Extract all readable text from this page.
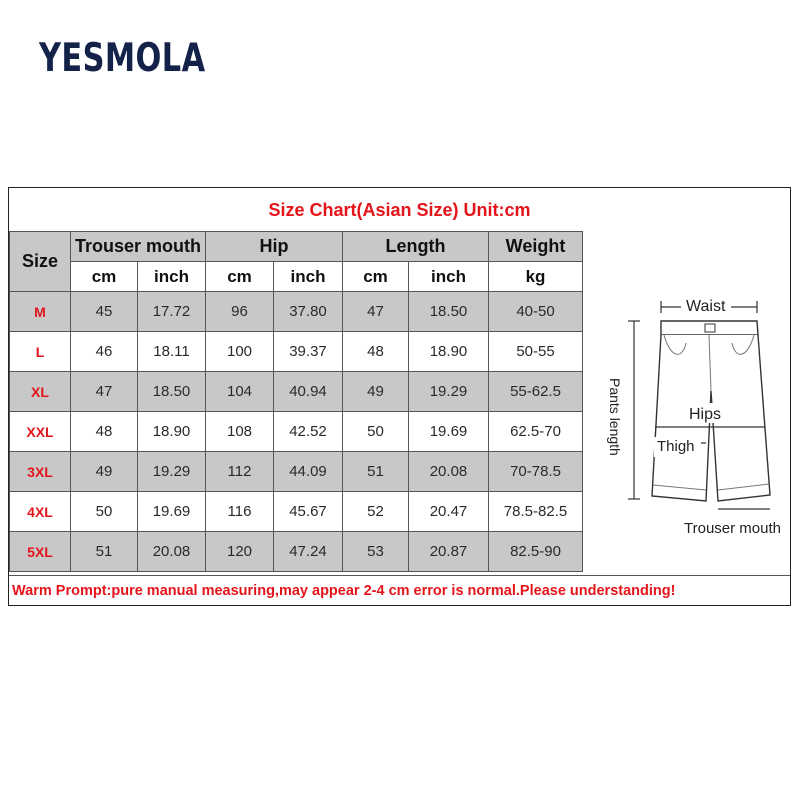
YESMOLA
Size Chart(Asian Size) Unit:cm
Size	Trouser mouth		Hip		Length		Weight
	cm	inch	cm	inch	cm	inch	kg
M	45	17.72	96	37.80	47	18.50	40-50
L	46	18.11	100	39.37	48	18.90	50-55
XL	47	18.50	104	40.94	49	19.29	55-62.5
XXL	48	18.90	108	42.52	50	19.69	62.5-70
3XL	49	19.29	112	44.09	51	20.08	70-78.5
4XL	50	19.69	116	45.67	52	20.47	78.5-82.5
5XL	51	20.08	120	47.24	53	20.87	82.5-90
Waist
Hips
Thigh
Pants length
Trouser mouth
Warm Prompt:pure manual measuring,may appear 2-4 cm error is normal.Please understanding!
